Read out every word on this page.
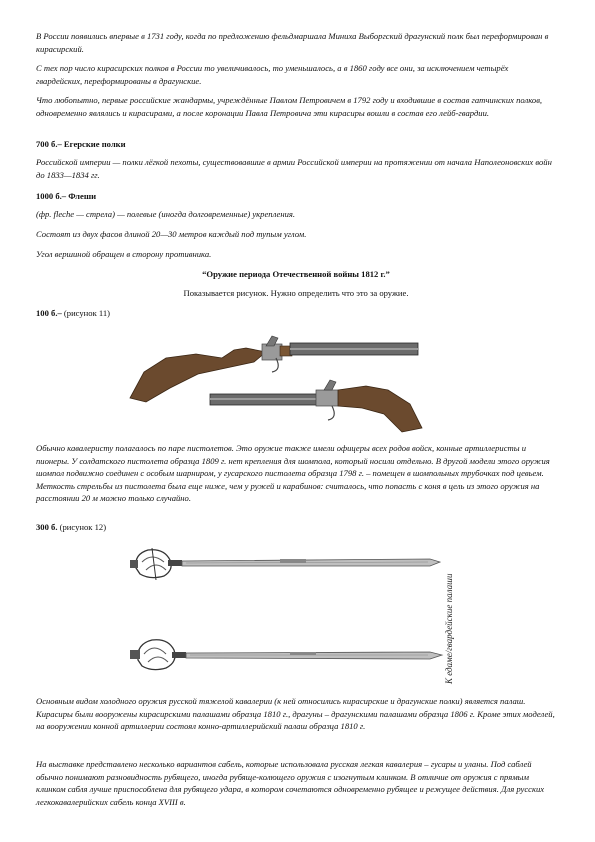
В России появились впервые в 1731 году, когда по предложению фельдмаршала Миниха Выборгский драгунский полк был переформирован в кирасирский.

С тех пор число кирасирских полков в России то увеличивалось, то уменьшалось, а в 1860 году все они, за исключением четырёх гвардейских, переформированы в драгунские.

Что любопытно, первые российские жандармы, учреждённые Павлом Петровичем в 1792 году и входившие в состав гатчинских полков, одновременно являлись и кирасирами, а после коронации Павла Петровича эти кирасиры вошли в состав его лейб-гвардии.

700 б.– Егерские полки

Российской империи — полки лёгкой пехоты, существовавшие в армии Российской империи на протяжении от начала Наполеоновских войн до 1833—1834 гг.

1000 б.– Флеши

(фр. fleche — стрела) — полевые (иногда долговременные) укрепления.

Состоят из двух фасов длиной 20—30 метров каждый под тупым углом.

Угол вершиной обращен в сторону противника.

“Оружие периода Отечественной войны 1812 г.”

Показывается рисунок. Нужно определить что это за оружие.

100 б.– (рисунок 11)

Обычно кавалеристу полагалось по паре пистолетов. Это оружие также имели офицеры всех родов войск, конные артиллеристы и пионеры. У солдатского пистолета образца 1809 г. нет крепления для шомпола, который носили отдельно. В другой модели этого оружия шомпол подвижно соединен с особым шарниром, у гусарского пистолета образца 1798 г. – помещен в шомпольных трубочках под цевьем. Меткость стрельбы из пистолета была еще ниже, чем у ружей и карабинов: считалось, что попасть с коня в цель из этого оружия на расстоянии 20 м можно только случайно.

300 б. (рисунок 12)

К едаме/гвардейские палаши

Основным видом холодного оружия русской тяжелой кавалерии (к ней относились кирасирские и драгунские полки) является палаш. Кирасиры были вооружены кирасирскими палашами образца 1810 г., драгуны – драгунскими палашами образца 1806 г. Кроме этих моделей, на вооружении конной артиллерии состоял конно-артиллерийский палаш образца 1810 г.

На выставке представлено несколько вариантов сабель, которые использовала русская легкая кавалерия – гусары и уланы. Под саблей обычно понимают разновидность рубящего, иногда рубяще-колющего оружия с изогнутым клинком. В отличие от оружия с прямым клинком сабля лучше приспособлена для рубящего удара, в котором сочетаются одновременно рубящее и режущее действия. Для русских легкокавалерийских сабель конца XVIII в.
